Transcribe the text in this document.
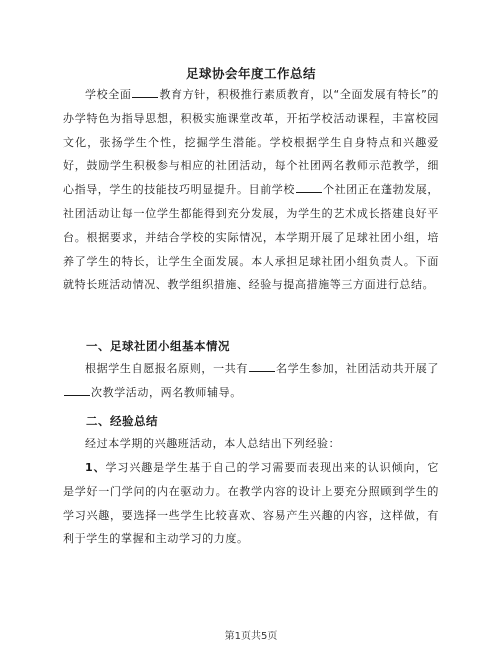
足球协会年度工作总结

学校全面	教育方针，积极推行素质教育，以“全面发展有特长”的办学特色为指导思想，积极实施课堂改革，开拓学校活动课程，丰富校园文化，张扬学生个性，挖掘学生潜能。学校根据学生自身特点和兴趣爱好，鼓励学生积极参与相应的社团活动，每个社团两名教师示范教学，细心指导，学生的技能技巧明显提升。目前学校	个社团正在蓬勃发展，社团活动让每一位学生都能得到充分发展，为学生的艺术成长搭建良好平台。根据要求，并结合学校的实际情况，本学期开展了足球社团小组，培养了学生的特长，让学生全面发展。本人承担足球社团小组负责人。下面就特长班活动情况、教学组织措施、经验与提高措施等三方面进行总结。

一、足球社团小组基本情况

根据学生自愿报名原则，一共有	名学生参加，社团活动共开展了次教学活动，两名教师辅导。

二、经验总结

经过本学期的兴趣班活动，本人总结出下列经验：

1、学习兴趣是学生基于自己的学习需要而表现出来的认识倾向，它是学好一门学问的内在驱动力。在教学内容的设计上要充分照顾到学生的学习兴趣，要选择一些学生比较喜欢、容易产生兴趣的内容，这样做，有利于学生的掌握和主动学习的力度。

第1页共5页
